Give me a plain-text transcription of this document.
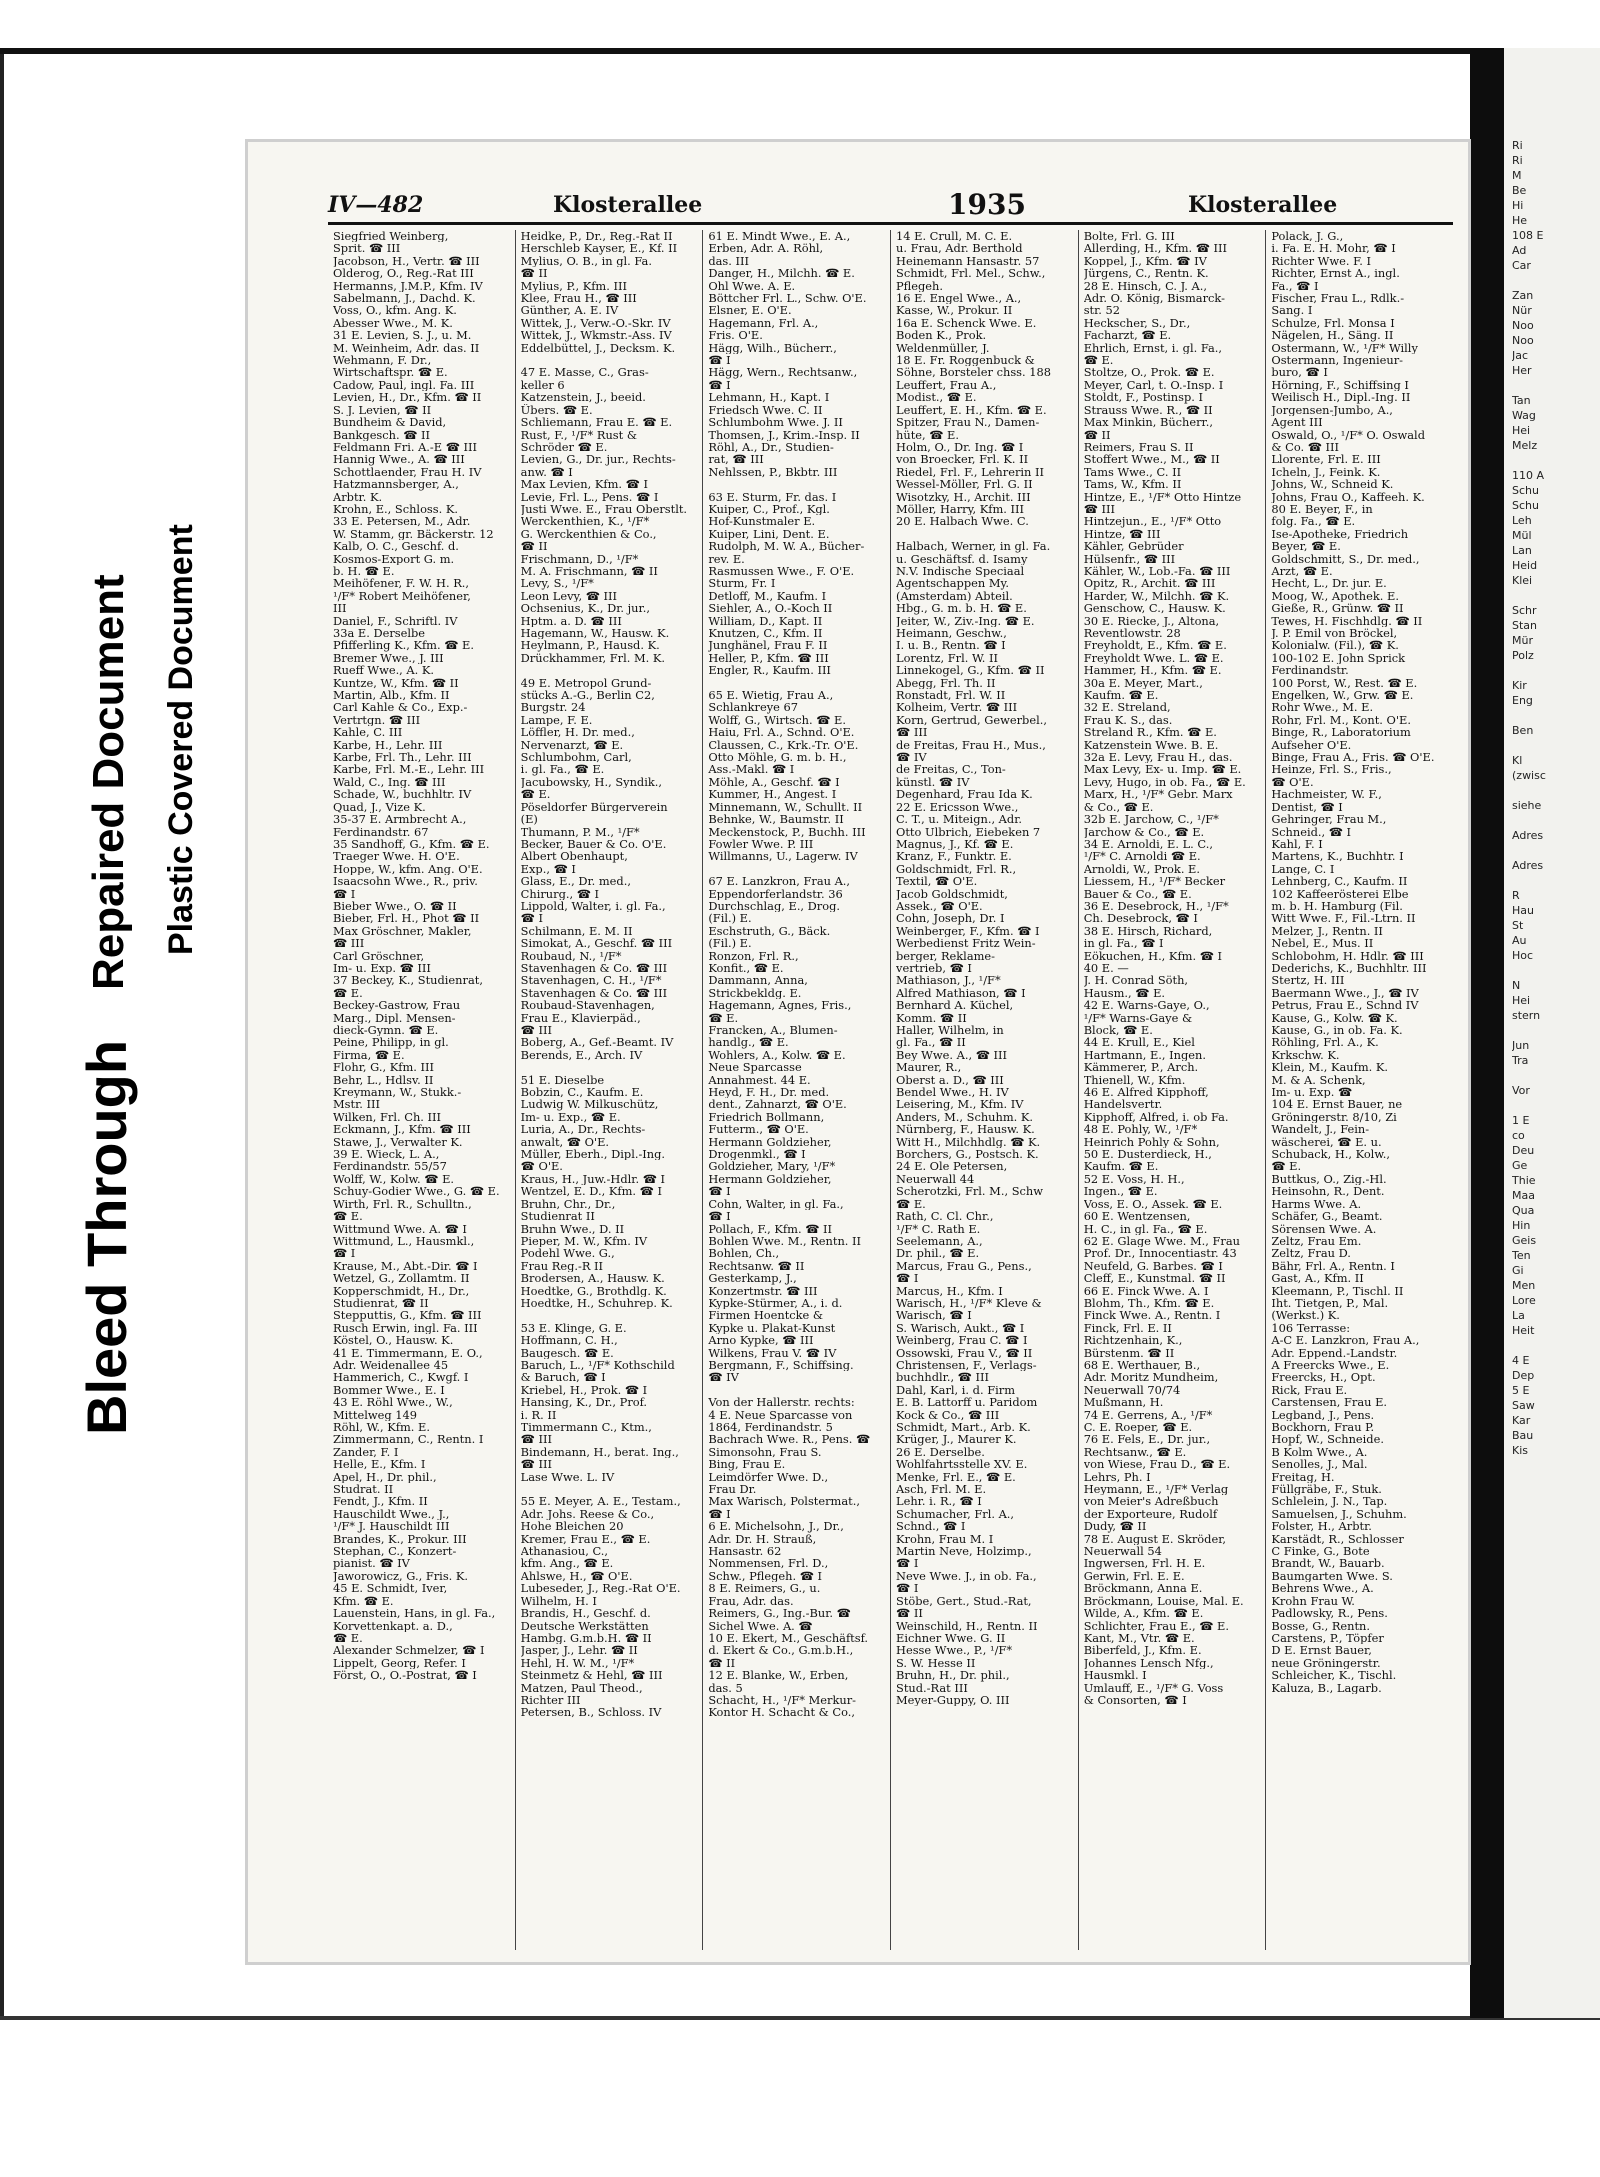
Ri
Ri
M
Be
Hi
He
108 E
Ad
Car

Zan
Nür
Noo
Noo
Jac
Her

Tan
Wag
Hei
Melz

110 A
Schu
Schu
Leh
Mül
Lan
Heid
Klei

Schr
Stan
Mür
Polz

Kir
Eng

Ben

Kl
(zwisc

siehe

Adres

Adres

R
Hau
St
Au
Hoc

N
Hei
stern

Jun
Tra

Vor

1 E
co
Deu
Ge
Thie
Maa
Qua
Hin
Geis
Ten
Gi
Men
Lore
La
Heit

4 E
Dep
5 E
Saw
Kar
Bau
Kis
Bleed Through
Repaired Document Plastic Covered Document
IV—482	Klosterallee	1935	Klosterallee
Siegfried Weinberg,
Sprit. ☎ III
Jacobson, H., Vertr. ☎ III
Olderog, O., Reg.-Rat III
Hermanns, J.M.P., Kfm. IV
Sabelmann, J., Dachd. K.
Voss, O., kfm. Ang. K.
Abesser Wwe., M. K.
31 E. Levien, S. J., u. M.
M. Weinheim, Adr. das. II
Wehmann, F. Dr.,
Wirtschaftspr. ☎ E.
Cadow, Paul, ingl. Fa. III
Levien, H., Dr., Kfm. ☎ II
S. J. Levien, ☎ II
Bundheim & David,
Bankgesch. ☎ II
Feldmann Fri. A.-E ☎ III
Hannig Wwe., A. ☎ III
Schottlaender, Frau H. IV
Hatzmannsberger, A.,
Arbtr. K.
Krohn, E., Schloss. K.
33 E. Petersen, M., Adr.
W. Stamm, gr. Bäckerstr. 12
Kalb, O. C., Geschf. d.
Kosmos-Export G. m.
b. H. ☎ E.
Meihöfener, F. W. H. R.,
¹/F* Robert Meihöfener,
III
Daniel, F., Schriftl. IV
33a E. Derselbe
Pfifferling K., Kfm. ☎ E.
Bremer Wwe., J. III
Rueff Wwe., A. K.
Kuntze, W., Kfm. ☎ II
Martin, Alb., Kfm. II
Carl Kahle & Co., Exp.-
Vertrtgn. ☎ III
Kahle, C. III
Karbe, H., Lehr. III
Karbe, Frl. Th., Lehr. III
Karbe, Frl. M.-E., Lehr. III
Wald, C., Ing. ☎ III
Schade, W., buchhltr. IV
Quad, J., Vize K.
35-37 E. Armbrecht A.,
Ferdinandstr. 67
35 Sandhoff, G., Kfm. ☎ E.
Traeger Wwe. H. O'E.
Hoppe, W., kfm. Ang. O'E.
Isaacsohn Wwe., R., priv.
☎ I
Bieber Wwe., O. ☎ II
Bieber, Frl. H., Phot ☎ II
Max Gröschner, Makler,
☎ III
Carl Gröschner,
Im- u. Exp. ☎ III
37 Beckey, K., Studienrat,
☎ E.
Beckey-Gastrow, Frau
Marg., Dipl. Mensen-
dieck-Gymn. ☎ E.
Peine, Philipp, in gl.
Firma, ☎ E.
Flohr, G., Kfm. III
Behr, L., Hdlsv. II
Kreymann, W., Stukk.-
Mstr. III
Wilken, Frl. Ch. III
Eckmann, J., Kfm. ☎ III
Stawe, J., Verwalter K.
39 E. Wieck, L. A.,
Ferdinandstr. 55/57
Wolff, W., Kolw. ☎ E.
Schuy-Godier Wwe., G. ☎ E.
Wirth, Frl. R., Schulltn.,
☎ E.
Wittmund Wwe. A. ☎ I
Wittmund, L., Hausmkl.,
☎ I
Krause, M., Abt.-Dir. ☎ I
Wetzel, G., Zollamtm. II
Kopperschmidt, H., Dr.,
Studienrat, ☎ II
Stepputtis, G., Kfm. ☎ III
Rusch Erwin, ingl. Fa. III
Köstel, O., Hausw. K.
41 E. Timmermann, E. O.,
Adr. Weidenallee 45
Hammerich, C., Kwgf. I
Bommer Wwe., E. I
43 E. Röhl Wwe., W.,
Mittelweg 149
Röhl, W., Kfm. E.
Zimmermann, C., Rentn. I
Zander, F. I
Helle, E., Kfm. I
Apel, H., Dr. phil.,
Studrat. II
Fendt, J., Kfm. II
Hauschildt Wwe., J.,
¹/F* J. Hauschildt III
Brandes, K., Prokur. III
Stephan, C., Konzert-
pianist. ☎ IV
Jaworowicz, G., Fris. K.
45 E. Schmidt, Iver,
Kfm. ☎ E.
Lauenstein, Hans, in gl. Fa.,
Korvettenkapt. a. D.,
☎ E.
Alexander Schmelzer, ☎ I
Lippelt, Georg, Refer. I
Först, O., O.-Postrat, ☎ I
Heidke, P., Dr., Reg.-Rat II
Herschleb Kayser, E., Kf. II
Mylius, O. B., in gl. Fa.
☎ II
Mylius, P., Kfm. III
Klee, Frau H., ☎ III
Günther, A. E. IV
Wittek, J., Verw.-O.-Skr. IV
Wittek, J., Wkmstr.-Ass. IV
Eddelbüttel, J., Decksm. K.

47 E. Masse, C., Gras-
keller 6
Katzenstein, J., beeid.
Übers. ☎ E.
Schliemann, Frau E. ☎ E.
Rust, F., ¹/F* Rust &
Schröder ☎ E.
Levien, G., Dr. jur., Rechts-
anw. ☎ I
Max Levien, Kfm. ☎ I
Levie, Frl. L., Pens. ☎ I
Justi Wwe. E., Frau Oberstlt.
Werckenthien, K., ¹/F*
G. Werckenthien & Co.,
☎ II
Frischmann, D., ¹/F*
M. A. Frischmann, ☎ II
Levy, S., ¹/F*
Leon Levy, ☎ III
Ochsenius, K., Dr. jur.,
Hptm. a. D. ☎ III
Hagemann, W., Hausw. K.
Heylmann, P., Hausd. K.
Drückhammer, Frl. M. K.

49 E. Metropol Grund-
stücks A.-G., Berlin C2,
Burgstr. 24
Lampe, F. E.
Löffler, H. Dr. med.,
Nervenarzt, ☎ E.
Schlumbohm, Carl,
i. gl. Fa., ☎ E.
Jacubowsky, H., Syndik.,
☎ E.
Pöseldorfer Bürgerverein
(E)
Thumann, P. M., ¹/F*
Becker, Bauer & Co. O'E.
Albert Obenhaupt,
Exp., ☎ I
Glass, E., Dr. med.,
Chirurg., ☎ I
Lippold, Walter, i. gl. Fa.,
☎ I
Schilmann, E. M. II
Simokat, A., Geschf. ☎ III
Roubaud, N., ¹/F*
Stavenhagen & Co. ☎ III
Stavenhagen, C. H., ¹/F*
Stavenhagen & Co. ☎ III
Roubaud-Stavenhagen,
Frau E., Klavierpäd.,
☎ III
Boberg, A., Gef.-Beamt. IV
Berends, E., Arch. IV

51 E. Dieselbe
Bobzin, C., Kaufm. E.
Ludwig W. Milkuschütz,
Im- u. Exp., ☎ E.
Luria, A., Dr., Rechts-
anwalt, ☎ O'E.
Müller, Eberh., Dipl.-Ing.
☎ O'E.
Kraus, H., Juw.-Hdlr. ☎ I
Wentzel, E. D., Kfm. ☎ I
Bruhn, Chr., Dr.,
Studienrat II
Bruhn Wwe., D. II
Pieper, M. W., Kfm. IV
Podehl Wwe. G.,
Frau Reg.-R II
Brodersen, A., Hausw. K.
Hoedtke, G., Brothdlg. K.
Hoedtke, H., Schuhrep. K.

53 E. Klinge, G. E.
Hoffmann, C. H.,
Baugesch. ☎ E.
Baruch, L., ¹/F* Kothschild
& Baruch, ☎ I
Kriebel, H., Prok. ☎ I
Hansing, K., Dr., Prof.
i. R. II
Timmermann C., Ktm.,
☎ III
Bindemann, H., berat. Ing.,
☎ III
Lase Wwe. L. IV

55 E. Meyer, A. E., Testam.,
Adr. Johs. Reese & Co.,
Hohe Bleichen 20
Kremer, Frau E., ☎ E.
Athanasiou, C.,
kfm. Ang., ☎ E.
Ahlswe, H., ☎ O'E.
Lubeseder, J., Reg.-Rat O'E.
Wilhelm, H. I
Brandis, H., Geschf. d.
Deutsche Werkstätten
Hambg. G.m.b.H. ☎ II
Jasper, J., Lehr. ☎ II
Hehl, H. W. M., ¹/F*
Steinmetz & Hehl, ☎ III
Matzen, Paul Theod.,
Richter III
Petersen, B., Schloss. IV
61 E. Mindt Wwe., E. A.,
Erben, Adr. A. Röhl,
das. III
Danger, H., Milchh. ☎ E.
Ohl Wwe. A. E.
Böttcher Frl. L., Schw. O'E.
Elsner, E. O'E.
Hagemann, Frl. A.,
Fris. O'E.
Hägg, Wilh., Bücherr.,
☎ I
Hägg, Wern., Rechtsanw.,
☎ I
Lehmann, H., Kapt. I
Friedsch Wwe. C. II
Schlumbohm Wwe. J. II
Thomsen, J., Krim.-Insp. II
Röhl, A., Dr., Studien-
rat, ☎ III
Nehlssen, P., Bkbtr. III

63 E. Sturm, Fr. das. I
Kuiper, C., Prof., Kgl.
Hof-Kunstmaler E.
Kuiper, Lini, Dent. E.
Rudolph, M. W. A., Bücher-
rev. E.
Rasmussen Wwe., F. O'E.
Sturm, Fr. I
Detloff, M., Kaufm. I
Siehler, A., O.-Koch II
William, D., Kapt. II
Knutzen, C., Kfm. II
Junghänel, Frau F. II
Heller, P., Kfm. ☎ III
Engler, R., Kaufm. III

65 E. Wietig, Frau A.,
Schlankreye 67
Wolff, G., Wirtsch. ☎ E.
Haiu, Frl. A., Schnd. O'E.
Claussen, C., Krk.-Tr. O'E.
Otto Möhle, G. m. b. H.,
Ass.-Makl. ☎ I
Möhle, A., Geschf. ☎ I
Kummer, H., Angest. I
Minnemann, W., Schullt. II
Behnke, W., Baumstr. II
Meckenstock, P., Buchh. III
Fowler Wwe. P. III
Willmanns, U., Lagerw. IV

67 E. Lanzkron, Frau A.,
Eppendorferlandstr. 36
Durchschlag, E., Drog.
(Fil.) E.
Eschstruth, G., Bäck.
(Fil.) E.
Ronzon, Frl. R.,
Konfit., ☎ E.
Dammann, Anna,
Strickbekldg. E.
Hagemann, Agnes, Fris.,
☎ E.
Francken, A., Blumen-
handlg., ☎ E.
Wohlers, A., Kolw. ☎ E.
Neue Sparcasse
Annahmest. 44 E.
Heyd, F. H., Dr. med.
dent., Zahnarzt, ☎ O'E.
Friedrich Bollmann,
Futterm., ☎ O'E.
Hermann Goldzieher,
Drogenmkl., ☎ I
Goldzieher, Mary, ¹/F*
Hermann Goldzieher,
☎ I
Cohn, Walter, in gl. Fa.,
☎ I
Pollach, F., Kfm. ☎ II
Bohlen Wwe. M., Rentn. II
Bohlen, Ch.,
Rechtsanw. ☎ II
Gesterkamp, J.,
Konzertmstr. ☎ III
Kypke-Stürmer, A., i. d.
Firmen Hoentcke &
Kypke u. Plakat-Kunst
Arno Kypke, ☎ III
Wilkens, Frau V. ☎ IV
Bergmann, F., Schiffsing.
☎ IV

Von der Hallerstr. rechts:
4 E. Neue Sparcasse von
1864, Ferdinandstr. 5
Bachrach Wwe. R., Pens. ☎
Simonsohn, Frau S.
Bing, Frau E.
Leimdörfer Wwe. D.,
Frau Dr.
Max Warisch, Polstermat.,
☎ I
6 E. Michelsohn, J., Dr.,
Adr. Dr. H. Strauß,
Hansastr. 62
Nommensen, Frl. D.,
Schw., Pflegeh. ☎ I
8 E. Reimers, G., u.
Frau, Adr. das.
Reimers, G., Ing.-Bur. ☎
Sichel Wwe. A. ☎
10 E. Ekert, M., Geschäftsf.
d. Ekert & Co., G.m.b.H.,
☎ II
12 E. Blanke, W., Erben,
das. 5
Schacht, H., ¹/F* Merkur-
Kontor H. Schacht & Co.,
14 E. Crull, M. C. E.
u. Frau, Adr. Berthold
Heinemann Hansastr. 57
Schmidt, Frl. Mel., Schw.,
Pflegeh.
16 E. Engel Wwe., A.,
Kasse, W., Prokur. II
16a E. Schenck Wwe. E.
Boden K., Prok.
Weldenmüller, J.
18 E. Fr. Roggenbuck &
Söhne, Borsteler chss. 188
Leuffert, Frau A.,
Modist., ☎ E.
Leuffert, E. H., Kfm. ☎ E.
Spitzer, Frau N., Damen-
hüte, ☎ E.
Holm, O., Dr. Ing. ☎ I
von Broecker, Frl. K. II
Riedel, Frl. F., Lehrerin II
Wessel-Möller, Frl. G. II
Wisotzky, H., Archit. III
Möller, Harry, Kfm. III
20 E. Halbach Wwe. C.

Halbach, Werner, in gl. Fa.
u. Geschäftsf. d. Isamy
N.V. Indische Speciaal
Agentschappen My.
(Amsterdam) Abteil.
Hbg., G. m. b. H. ☎ E.
Jeiter, W., Ziv.-Ing. ☎ E.
Heimann, Geschw.,
I. u. B., Rentn. ☎ I
Lorentz, Frl. W. II
Linnekogel, G., Kfm. ☎ II
Abegg, Frl. Th. II
Ronstadt, Frl. W. II
Kolheim, Vertr. ☎ III
Korn, Gertrud, Gewerbel.,
☎ III
de Freitas, Frau H., Mus.,
☎ IV
de Freitas, C., Ton-
künstl. ☎ IV
Degenhard, Frau Ida K.
22 E. Ericsson Wwe.,
C. T., u. Miteign., Adr.
Otto Ulbrich, Eiebeken 7
Magnus, J., Kf. ☎ E.
Kranz, F., Funktr. E.
Goldschmidt, Frl. R.,
Textil, ☎ O'E.
Jacob Goldschmidt,
Assek., ☎ O'E.
Cohn, Joseph, Dr. I
Weinberger, F., Kfm. ☎ I
Werbedienst Fritz Wein-
berger, Reklame-
vertrieb, ☎ I
Mathiason, J., ¹/F*
Alfred Mathiason, ☎ I
Bernhard A. Küchel,
Komm. ☎ II
Haller, Wilhelm, in
gl. Fa., ☎ II
Bey Wwe. A., ☎ III
Maurer, R.,
Oberst a. D., ☎ III
Bendel Wwe., H. IV
Leisering, M., Kfm. IV
Anders, M., Schuhm. K.
Nürnberg, F., Hausw. K.
Witt H., Milchhdlg. ☎ K.
Borchers, G., Postsch. K.
24 E. Ole Petersen,
Neuerwall 44
Scherotzki, Frl. M., Schw
☎ E.
Rath, C. Cl. Chr.,
¹/F* C. Rath E.
Seelemann, A.,
Dr. phil., ☎ E.
Marcus, Frau G., Pens.,
☎ I
Marcus, H., Kfm. I
Warisch, H., ¹/F* Kleve &
Warisch, ☎ I
S. Warisch, Aukt., ☎ I
Weinberg, Frau C. ☎ I
Ossowski, Frau V., ☎ II
Christensen, F., Verlags-
buchhdlr., ☎ III
Dahl, Karl, i. d. Firm
E. B. Lattorff u. Paridom
Kock & Co., ☎ III
Schmidt, Mart., Arb. K.
Krüger, J., Maurer K.
26 E. Derselbe.
Wohlfahrtsstelle XV. E.
Menke, Frl. E., ☎ E.
Asch, Frl. M. E.
Lehr. i. R., ☎ I
Schumacher, Frl. A.,
Schnd., ☎ I
Krohn, Frau M. I
Martin Neve, Holzimp.,
☎ I
Neve Wwe. J., in ob. Fa.,
☎ I
Stöbe, Gert., Stud.-Rat,
☎ II
Weinschild, H., Rentn. II
Eichner Wwe. G. II
Hesse Wwe., P., ¹/F*
S. W. Hesse II
Bruhn, H., Dr. phil.,
Stud.-Rat III
Meyer-Guppy, O. III
Bolte, Frl. G. III
Allerding, H., Kfm. ☎ III
Koppel, J., Kfm. ☎ IV
Jürgens, C., Rentn. K.
28 E. Hinsch, C. J. A.,
Adr. O. König, Bismarck-
str. 52
Heckscher, S., Dr.,
Facharzt, ☎ E.
Ehrlich, Ernst, i. gl. Fa.,
☎ E.
Stoltze, O., Prok. ☎ E.
Meyer, Carl, t. O.-Insp. I
Stoldt, F., Postinsp. I
Strauss Wwe. R., ☎ II
Max Minkin, Bücherr.,
☎ II
Reimers, Frau S. II
Stoffert Wwe., M., ☎ II
Tams Wwe., C. II
Tams, W., Kfm. II
Hintze, E., ¹/F* Otto Hintze
☎ III
Hintzejun., E., ¹/F* Otto
Hintze, ☎ III
Kähler, Gebrüder
Hülsenfr., ☎ III
Kähler, W., Lob.-Fa. ☎ III
Opitz, R., Archit. ☎ III
Harder, W., Milchh. ☎ K.
Genschow, C., Hausw. K.
30 E. Riecke, J., Altona,
Reventlowstr. 28
Freyholdt, E., Kfm. ☎ E.
Freyholdt Wwe. L. ☎ E.
Hammer, H., Kfm. ☎ E.
30a E. Meyer, Mart.,
Kaufm. ☎ E.
32 E. Streland,
Frau K. S., das.
Streland R., Kfm. ☎ E.
Katzenstein Wwe. B. E.
32a E. Levy, Frau H., das.
Max Levy, Ex- u. Imp. ☎ E.
Levy, Hugo, in ob. Fa., ☎ E.
Marx, H., ¹/F* Gebr. Marx
& Co., ☎ E.
32b E. Jarchow, C., ¹/F*
Jarchow & Co., ☎ E.
34 E. Arnoldi, E. L. C.,
¹/F* C. Arnoldi ☎ E.
Arnoldi, W., Prok. E.
Liessem, H., ¹/F* Becker
Bauer & Co., ☎ E.
36 E. Desebrock, H., ¹/F*
Ch. Desebrock, ☎ I
38 E. Hirsch, Richard,
in gl. Fa., ☎ I
Eökuchen, H., Kfm. ☎ I
40 E. —
J. H. Conrad Söth,
Hausm., ☎ E.
42 E. Warns-Gaye, O.,
¹/F* Warns-Gaye &
Block, ☎ E.
44 E. Krull, E., Kiel
Hartmann, E., Ingen.
Kämmerer, P., Arch.
Thienell, W., Kfm.
46 E. Alfred Kipphoff,
Handelsvertr.
Kipphoff, Alfred, i. ob Fa.
48 E. Pohly, W., ¹/F*
Heinrich Pohly & Sohn,
50 E. Dusterdieck, H.,
Kaufm. ☎ E.
52 E. Voss, H. H.,
Ingen., ☎ E.
Voss, E. O., Assek. ☎ E.
60 E. Wentzensen,
H. C., in gl. Fa., ☎ E.
62 E. Glage Wwe. M., Frau
Prof. Dr., Innocentiastr. 43
Neufeld, G. Barbes. ☎ I
Cleff, E., Kunstmal. ☎ II
66 E. Finck Wwe. A. I
Blohm, Th., Kfm. ☎ E.
Finck Wwe. A., Rentn. I
Finck, Frl. E. II
Richtzenhain, K.,
Bürstenm. ☎ II
68 E. Werthauer, B.,
Adr. Moritz Mundheim,
Neuerwall 70/74
Mußmann, H.
74 E. Gerrens, A., ¹/F*
C. E. Roeper, ☎ E.
76 E. Fels, E., Dr. jur.,
Rechtsanw., ☎ E.
von Wiese, Frau D., ☎ E.
Lehrs, Ph. I
Heymann, E., ¹/F* Verlag
von Meier's Adreßbuch
der Exporteure, Rudolf
Dudy, ☎ II
78 E. August E. Skröder,
Neuerwall 54
Ingwersen, Frl. H. E.
Gerwin, Frl. E. E.
Bröckmann, Anna E.
Bröckmann, Louise, Mal. E.
Wilde, A., Kfm. ☎ E.
Schlichter, Frau E., ☎ E.
Kant, M., Vtr. ☎ E.
Biberfeld, J., Kfm. E.
Johannes Lensch Nfg.,
Hausmkl. I
Umlauff, E., ¹/F* G. Voss
& Consorten, ☎ I
Polack, J. G.,
i. Fa. E. H. Mohr, ☎ I
Richter Wwe. F. I
Richter, Ernst A., ingl.
Fa., ☎ I
Fischer, Frau L., Rdlk.-
Sang. I
Schulze, Frl. Monsa I
Nägelen, H., Säng. II
Ostermann, W., ¹/F* Willy
Ostermann, Ingenieur-
buro, ☎ I
Hörning, F., Schiffsing I
Weilisch H., Dipl.-Ing. II
Jorgensen-Jumbo, A.,
Agent III
Oswald, O., ¹/F* O. Oswald
& Co. ☎ III
Llorente, Frl. E. III
Icheln, J., Feink. K.
Johns, W., Schneid K.
Johns, Frau O., Kaffeeh. K.
80 E. Beyer, F., in
folg. Fa., ☎ E.
Ise-Apotheke, Friedrich
Beyer, ☎ E.
Goldschmitt, S., Dr. med.,
Arzt, ☎ E.
Hecht, L., Dr. jur. E.
Moog, W., Apothek. E.
Gieße, R., Grünw. ☎ II
Tewes, H. Fischhdlg. ☎ II
J. P. Emil von Bröckel,
Kolonialw. (Fil.), ☎ K.
100-102 E. John Sprick
Ferdinandstr.
100 Porst, W., Rest. ☎ E.
Engelken, W., Grw. ☎ E.
Rohr Wwe., M. E.
Rohr, Frl. M., Kont. O'E.
Binge, R., Laboratorium
Aufseher O'E.
Binge, Frau A., Fris. ☎ O'E.
Heinze, Frl. S., Fris.,
☎ O'E.
Hachmeister, W. F.,
Dentist, ☎ I
Gehringer, Frau M.,
Schneid., ☎ I
Kahl, F. I
Martens, K., Buchhtr. I
Lange, C. I
Lehnberg, C., Kaufm. II
102 Kaffeerösterei Elbe
m. b. H. Hamburg (Fil.
Witt Wwe. F., Fil.-Ltrn. II
Melzer, J., Rentn. II
Nebel, E., Mus. II
Schlobohm, H. Hdlr. ☎ III
Dederichs, K., Buchhltr. III
Stertz, H. III
Baermann Wwe., J., ☎ IV
Petrus, Frau E., Schnd IV
Kause, G., Kolw. ☎ K.
Kause, G., in ob. Fa. K.
Röhling, Frl. A., K.
Krkschw. K.
Klein, M., Kaufm. K.
M. & A. Schenk,
Im- u. Exp. ☎
104 E. Ernst Bauer, ne
Gröningerstr. 8/10, Zi
Wandelt, J., Fein-
wäscherei, ☎ E. u.
Schuback, H., Kolw.,
☎ E.
Buttkus, O., Zig.-Hl.
Heinsohn, R., Dent.
Harms Wwe. A.
Schäfer, G., Beamt.
Sörensen Wwe. A.
Zeltz, Frau Em.
Zeltz, Frau D.
Bähr, Frl. A., Rentn. I
Gast, A., Kfm. II
Kleemann, P., Tischl. II
Iht. Tietgen, P., Mal.
(Werkst.) K.
106 Terrasse:
A-C E. Lanzkron, Frau A.,
Adr. Eppend.-Landstr.
A Freercks Wwe., E.
Freercks, H., Opt.
Rick, Frau E.
Carstensen, Frau E.
Legband, J., Pens.
Bockhorn, Frau P.
Hopf, W., Schneide.
B Kolm Wwe., A.
Senolles, J., Mal.
Freitag, H.
Füllgräbe, F., Stuk.
Schlelein, J. N., Tap.
Samuelsen, J., Schuhm.
Folster, H., Arbtr.
Karstädt, R., Schlosser
C Finke, G., Bote
Brandt, W., Bauarb.
Baumgarten Wwe. S.
Behrens Wwe., A.
Krohn Frau W.
Padlowsky, R., Pens.
Bosse, G., Rentn.
Carstens, P., Töpfer
D E. Ernst Bauer,
neue Gröningerstr.
Schleicher, K., Tischl.
Kaluza, B., Lagarb.
